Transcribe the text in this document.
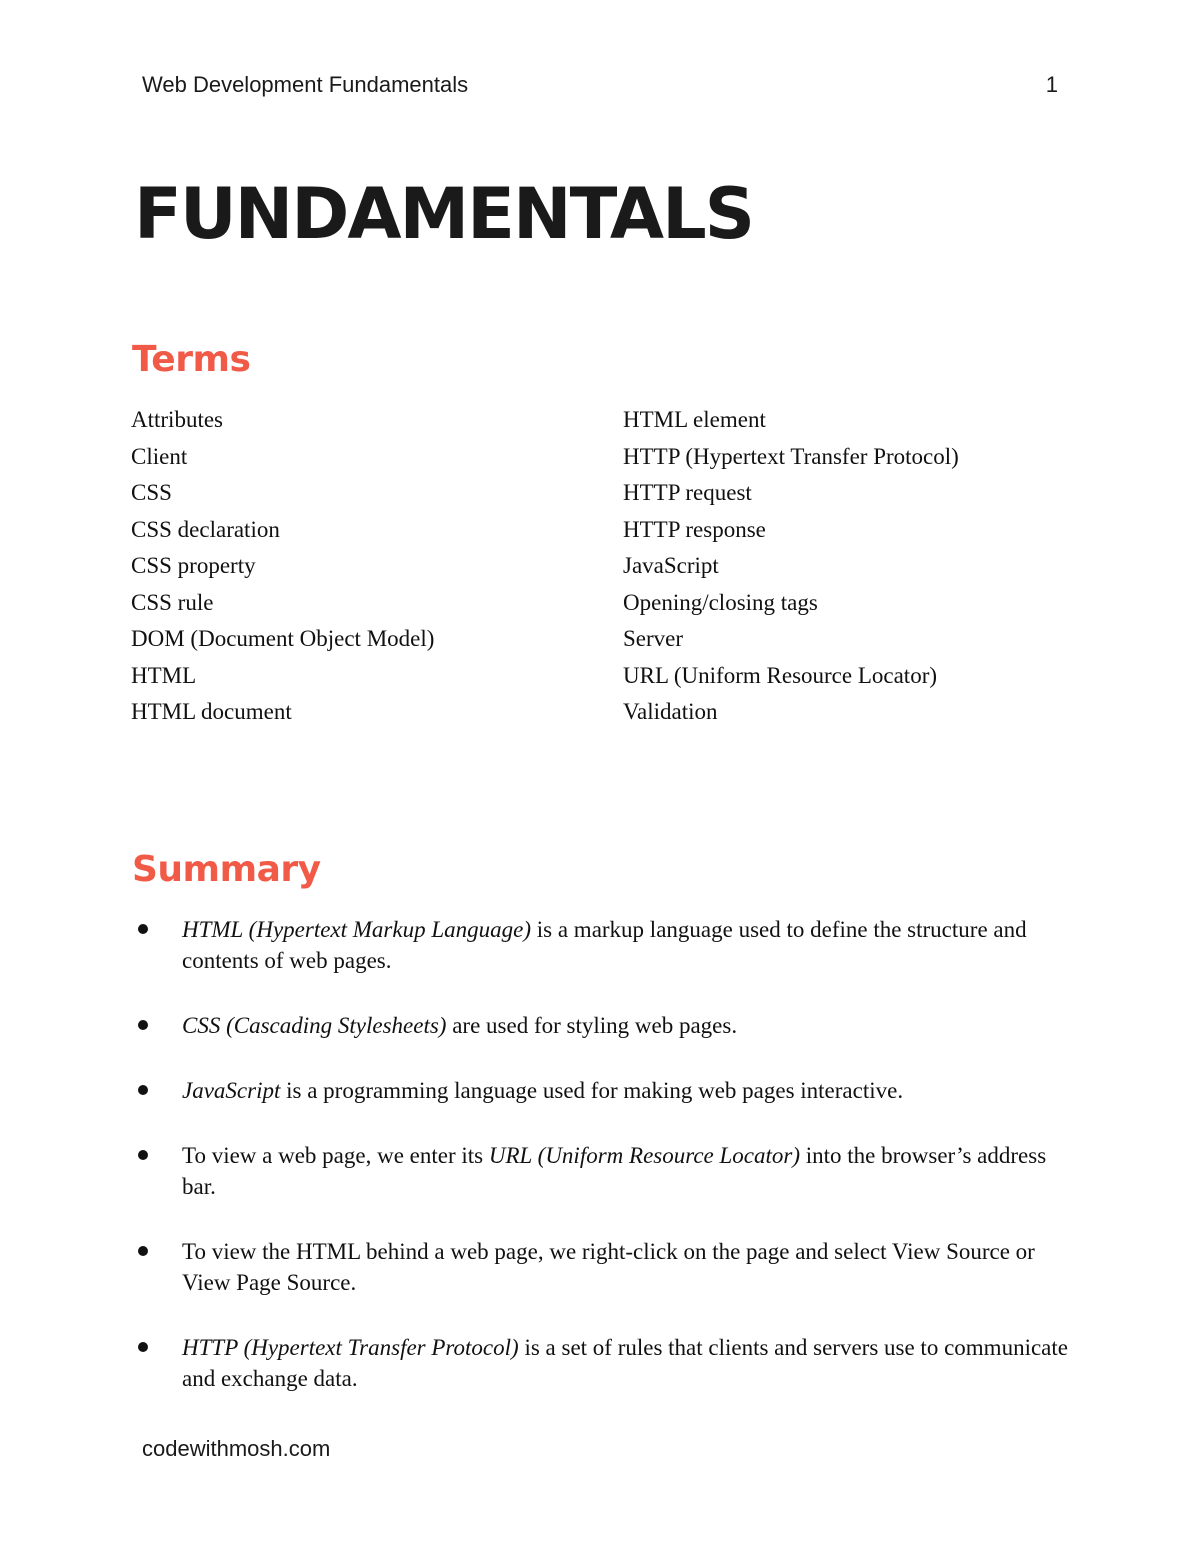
Web Development Fundamentals	1
FUNDAMENTALS
Terms
Attributes
Client
CSS
CSS declaration
CSS property
CSS rule
DOM (Document Object Model)
HTML
HTML document
HTML element
HTTP (Hypertext Transfer Protocol)
HTTP request
HTTP response
JavaScript
Opening/closing tags
Server
URL (Uniform Resource Locator)
Validation
Summary
HTML (Hypertext Markup Language) is a markup language used to define the structure and contents of web pages.
CSS (Cascading Stylesheets) are used for styling web pages.
JavaScript is a programming language used for making web pages interactive.
To view a web page, we enter its URL (Uniform Resource Locator) into the browser’s address bar.
To view the HTML behind a web page, we right-click on the page and select View Source or View Page Source.
HTTP (Hypertext Transfer Protocol) is a set of rules that clients and servers use to communicate and exchange data.
codewithmosh.com
